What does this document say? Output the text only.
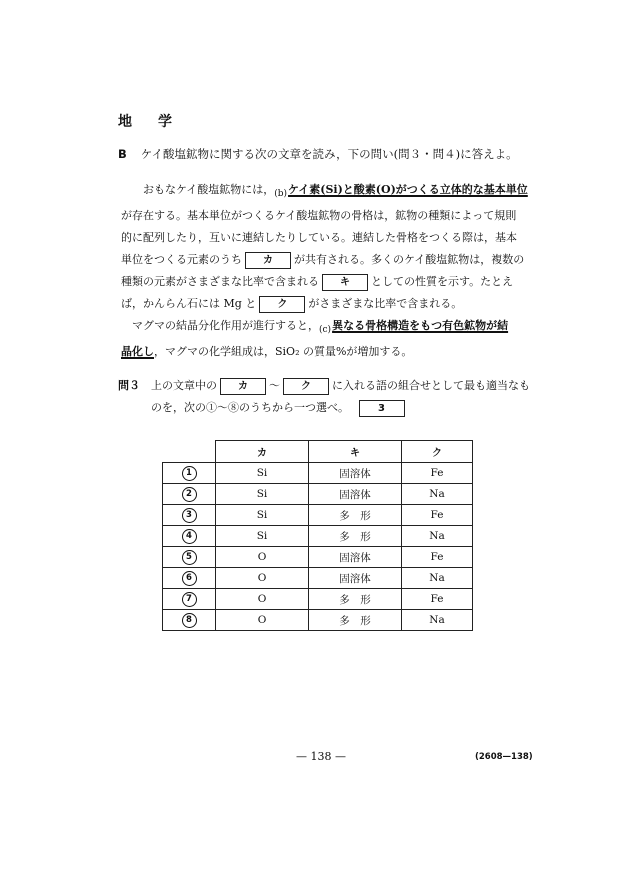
地　学
B ケイ酸塩鉱物に関する次の文章を読み，下の問い(問３・問４)に答えよ。
おもなケイ酸塩鉱物には，$_{(b)}$ケイ素(Si)と酸素(O)がつくる立体的な基本単位
が存在する。基本単位がつくるケイ酸塩鉱物の骨格は，鉱物の種類によって規則
的に配列したり，互いに連結したりしている。連結した骨格をつくる際は，基本
単位をつくる元素のうち カ が共有される。多くのケイ酸塩鉱物は，複数の
種類の元素がさまざまな比率で含まれる キ としての性質を示す。たとえ
ば，かんらん石には Mg と ク がさまざまな比率で含まれる。
マグマの結晶分化作用が進行すると，$_{(c)}$異なる骨格構造をもつ有色鉱物が結
晶化し，マグマの化学組成は，SiO₂ の質量%が増加する。
問３　 上の文章中の カ ～ ク に入れる語の組合せとして最も適当なも
のを，次の①～⑧のうちから一つ選べ。	3
	カ	キ	ク
1	Si	固溶体	Fe
2	Si	固溶体	Na
3	Si	多　形	Fe
4	Si	多　形	Na
5	O	固溶体	Fe
6	O	固溶体	Na
7	O	多　形	Fe
8	O	多　形	Na
— 138 —	(2608—138)
